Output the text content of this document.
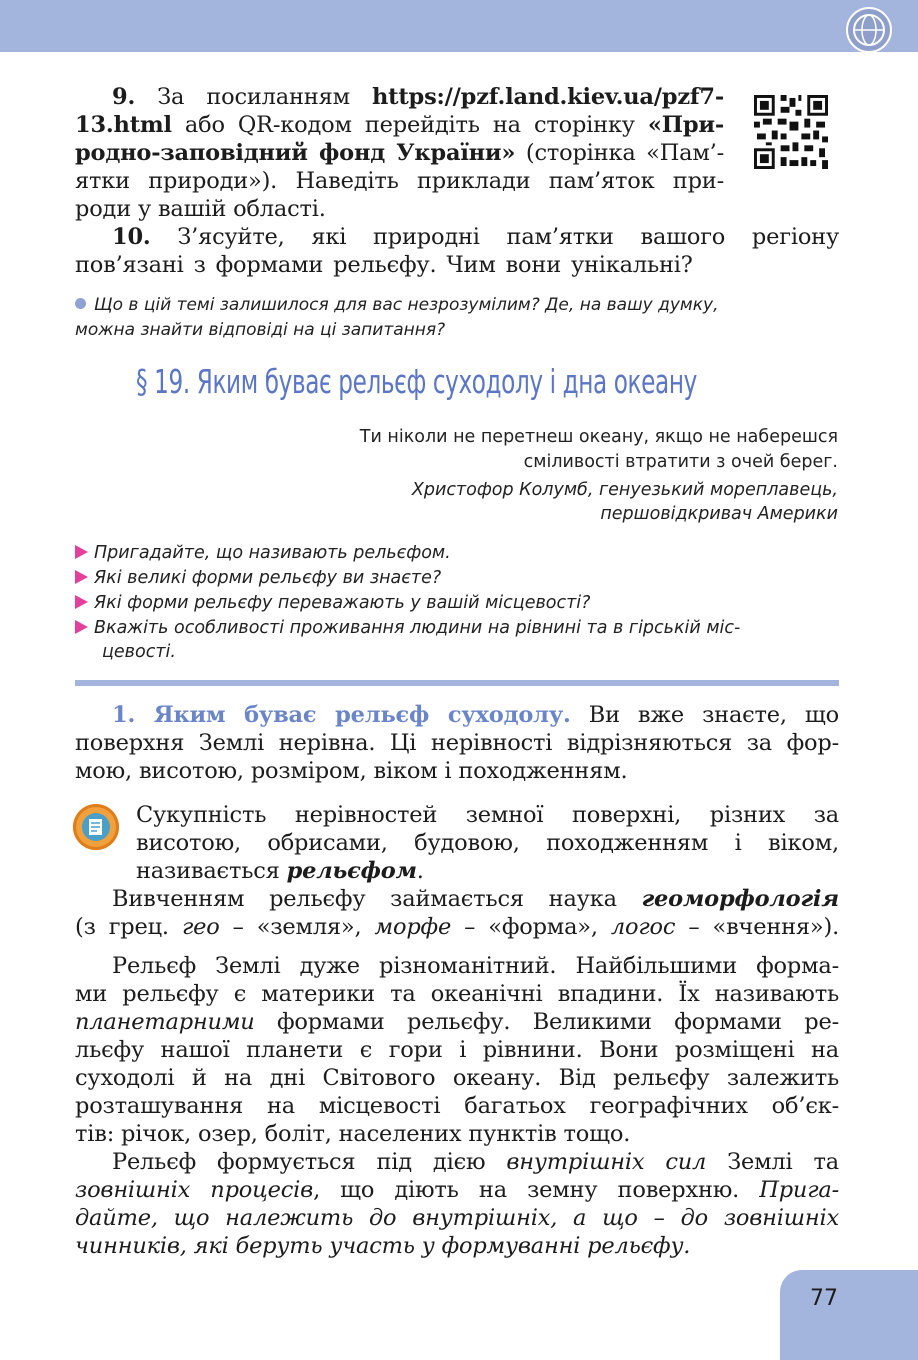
9. За посиланням https://pzf.land.kiev.ua/pzf7-
13.html або QR-кодом перейдіть на сторінку «При-
родно-заповідний фонд України» (сторінка «Пам’-
ятки природи»). Наведіть приклади пам’яток при-
роди у вашій області.
10. З’ясуйте, які природні пам’ятки вашого регіону
пов’язані з формами рельєфу. Чим вони унікальні?
Що в цій темі залишилося для вас незрозумілим? Де, на вашу думку,
можна знайти відповіді на ці запитання?
§ 19. Яким буває рельєф суходолу і дна океану
Ти ніколи не перетнеш океану, якщо не наберешся
сміливості втратити з очей берег.
Христофор Колумб, генуезький мореплавець,
першовідкривач Америки
Пригадайте, що називають рельєфом.
Які великі форми рельєфу ви знаєте?
Які форми рельєфу переважають у вашій місцевості?
Вкажіть особливості проживання людини на рівнині та в гірській міс-
цевості.
1. Яким буває рельєф суходолу. Ви вже знаєте, що
поверхня Землі нерівна. Ці нерівності відрізняються за фор-
мою, висотою, розміром, віком і походженням.
Сукупність нерівностей земної поверхні, різних за
висотою, обрисами, будовою, походженням і віком,
називається рельєфом.
Вивченням рельєфу займається наука геоморфологія
(з грец. гео – «земля», морфе – «форма», логос – «вчення»).
Рельєф Землі дуже різноманітний. Найбільшими форма-
ми рельєфу є материки та океанічні впадини. Їх називають
планетарними формами рельєфу. Великими формами ре-
льєфу нашої планети є гори і рівнини. Вони розміщені на
суходолі й на дні Світового океану. Від рельєфу залежить
розташування на місцевості багатьох географічних об’єк-
тів: річок, озер, боліт, населених пунктів тощо.
Рельєф формується під дією внутрішніх сил Землі та
зовнішніх процесів, що діють на земну поверхню. Прига-
дайте, що належить до внутрішніх, а що – до зовнішніх
чинників, які беруть участь у формуванні рельєфу.
77
